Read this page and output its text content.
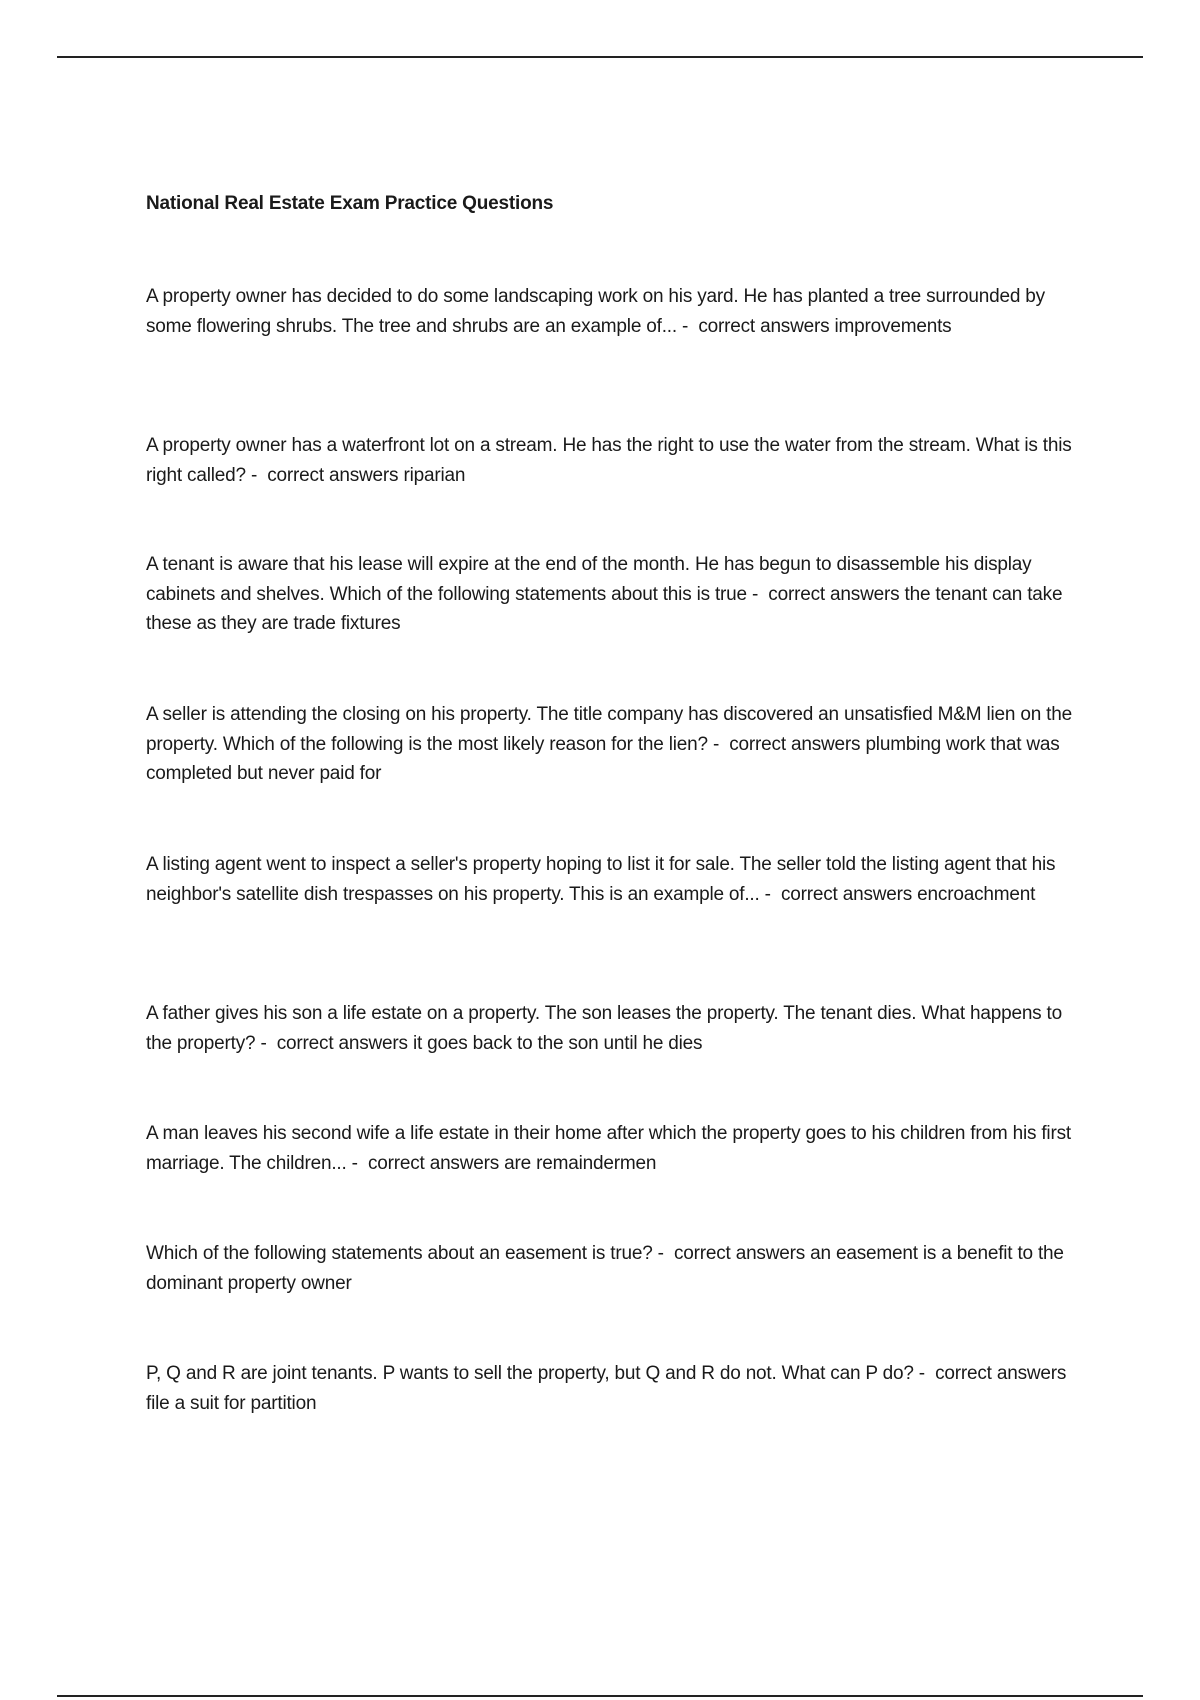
National Real Estate Exam Practice Questions

A property owner has decided to do some landscaping work on his yard. He has planted a tree surrounded by some flowering shrubs. The tree and shrubs are an example of... -  correct answers improvements

A property owner has a waterfront lot on a stream. He has the right to use the water from the stream. What is this right called? -  correct answers riparian

A tenant is aware that his lease will expire at the end of the month. He has begun to disassemble his display cabinets and shelves. Which of the following statements about this is true -  correct answers the tenant can take these as they are trade fixtures

A seller is attending the closing on his property. The title company has discovered an unsatisfied M&M lien on the property. Which of the following is the most likely reason for the lien? -  correct answers plumbing work that was completed but never paid for

A listing agent went to inspect a seller's property hoping to list it for sale. The seller told the listing agent that his neighbor's satellite dish trespasses on his property. This is an example of... -  correct answers encroachment

A father gives his son a life estate on a property. The son leases the property. The tenant dies. What happens to the property? -  correct answers it goes back to the son until he dies

A man leaves his second wife a life estate in their home after which the property goes to his children from his first marriage. The children... -  correct answers are remaindermen

Which of the following statements about an easement is true? -  correct answers an easement is a benefit to the dominant property owner

P, Q and R are joint tenants. P wants to sell the property, but Q and R do not. What can P do? -  correct answers file a suit for partition
